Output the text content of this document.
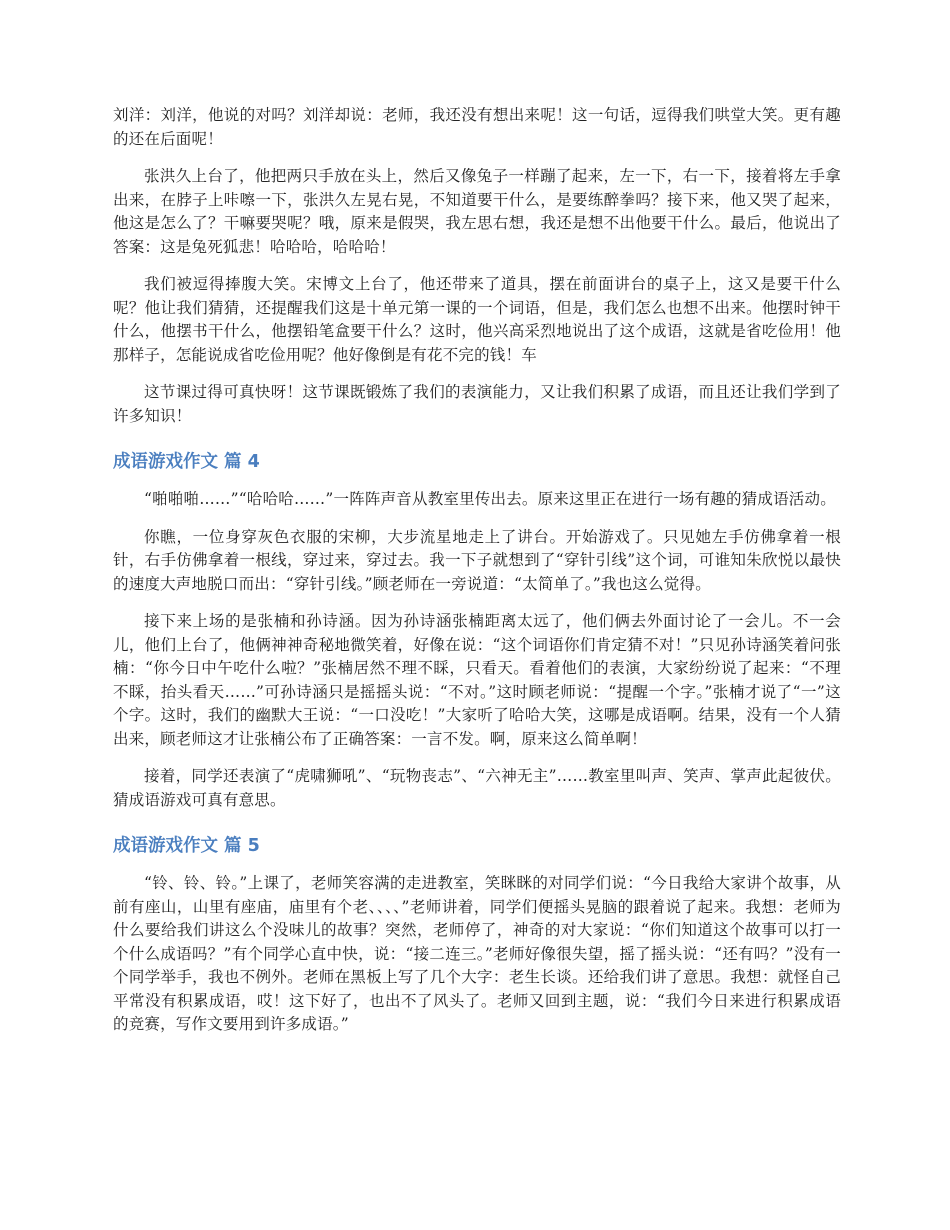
刘洋：刘洋，他说的对吗？刘洋却说：老师，我还没有想出来呢！这一句话，逗得我们哄堂大笑。更有趣的还在后面呢！

张洪久上台了，他把两只手放在头上，然后又像兔子一样蹦了起来，左一下，右一下，接着将左手拿出来，在脖子上咔嚓一下，张洪久左晃右晃，不知道要干什么，是要练醉拳吗？接下来，他又哭了起来，他这是怎么了？干嘛要哭呢？哦，原来是假哭，我左思右想，我还是想不出他要干什么。最后，他说出了答案：这是兔死狐悲！哈哈哈，哈哈哈！

我们被逗得捧腹大笑。宋博文上台了，他还带来了道具，摆在前面讲台的桌子上，这又是要干什么呢？他让我们猜猜，还提醒我们这是十单元第一课的一个词语，但是，我们怎么也想不出来。他摆时钟干什么，他摆书干什么，他摆铅笔盒要干什么？这时，他兴高采烈地说出了这个成语，这就是省吃俭用！他那样子，怎能说成省吃俭用呢？他好像倒是有花不完的钱！车

这节课过得可真快呀！这节课既锻炼了我们的表演能力，又让我们积累了成语，而且还让我们学到了许多知识！

成语游戏作文 篇 4

“啪啪啪……”“哈哈哈……”一阵阵声音从教室里传出去。原来这里正在进行一场有趣的猜成语活动。

你瞧，一位身穿灰色衣服的宋柳，大步流星地走上了讲台。开始游戏了。只见她左手仿佛拿着一根针，右手仿佛拿着一根线，穿过来，穿过去。我一下子就想到了“穿针引线”这个词，可谁知朱欣悦以最快的速度大声地脱口而出：“穿针引线。”顾老师在一旁说道：“太简单了。”我也这么觉得。

接下来上场的是张楠和孙诗涵。因为孙诗涵张楠距离太远了，他们俩去外面讨论了一会儿。不一会儿，他们上台了，他俩神神奇秘地微笑着，好像在说：“这个词语你们肯定猜不对！”只见孙诗涵笑着问张楠：“你今日中午吃什么啦？”张楠居然不理不睬，只看天。看着他们的表演，大家纷纷说了起来：“不理不睬，抬头看天……”可孙诗涵只是摇摇头说：“不对。”这时顾老师说：“提醒一个字。”张楠才说了“一”这个字。这时，我们的幽默大王说：“一口没吃！”大家听了哈哈大笑，这哪是成语啊。结果，没有一个人猜出来，顾老师这才让张楠公布了正确答案：一言不发。啊，原来这么简单啊！

接着，同学还表演了“虎啸狮吼”、“玩物丧志”、“六神无主”……教室里叫声、笑声、掌声此起彼伏。猜成语游戏可真有意思。

成语游戏作文 篇 5

“铃、铃、铃。”上课了，老师笑容满的走进教室，笑眯眯的对同学们说：“今日我给大家讲个故事，从前有座山，山里有座庙，庙里有个老、、、、”老师讲着，同学们便摇头晃脑的跟着说了起来。我想：老师为什么要给我们讲这么个没味儿的故事？突然，老师停了，神奇的对大家说：“你们知道这个故事可以打一个什么成语吗？”有个同学心直中快，说：“接二连三。”老师好像很失望，摇了摇头说：“还有吗？”没有一个同学举手，我也不例外。老师在黑板上写了几个大字：老生长谈。还给我们讲了意思。我想：就怪自己平常没有积累成语，哎！这下好了，也出不了风头了。老师又回到主题，说：“我们今日来进行积累成语的竞赛，写作文要用到许多成语。”
